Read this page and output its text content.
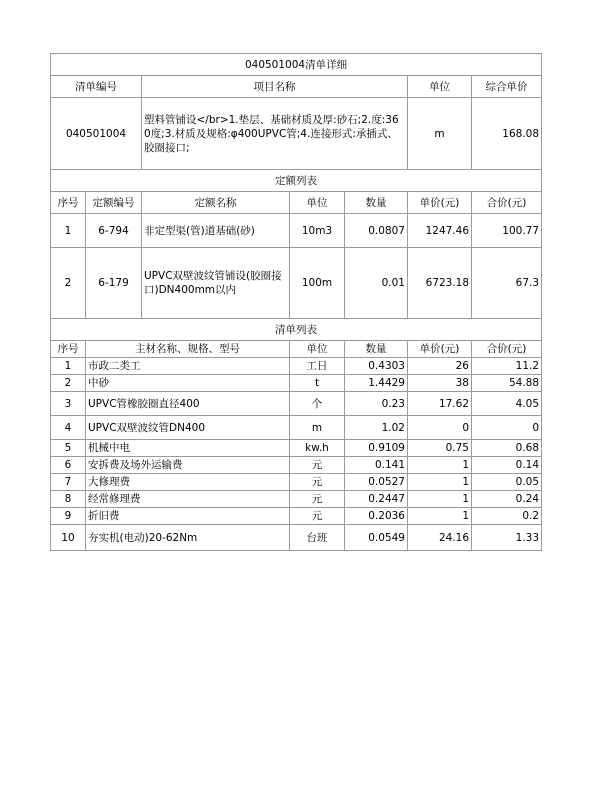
040501004清单详细						
清单编号		项目名称			单位	综合单价
040501004		塑料管铺设</br>1.垫层、基础材质及厚:砂石;2.度:360度;3.材质及规格:φ400UPVC管;4.连接形式:承插式、胶圈接口;			m	168.08
定额列表						
序号	定额编号	定额名称	单位	数量	单价(元)	合价(元)
1	6-794	非定型渠(管)道基础(砂)	10m3	0.0807	1247.46	100.77
2	6-179	UPVC双壁波纹管铺设(胶圈接口)DN400mm以内	100m	0.01	6723.18	67.3
清单列表						
序号	主材名称、规格、型号		单位	数量	单价(元)	合价(元)
1	市政二类工		工日	0.4303	26	11.2
2	中砂		t	1.4429	38	54.88
3	UPVC管橡胶圈直径400		个	0.23	17.62	4.05
4	UPVC双壁波纹管DN400		m	1.02	0	0
5	机械中电		kw.h	0.9109	0.75	0.68
6	安拆费及场外运输费		元	0.141	1	0.14
7	大修理费		元	0.0527	1	0.05
8	经常修理费		元	0.2447	1	0.24
9	折旧费		元	0.2036	1	0.2
10	夯实机(电动)20-62Nm		台班	0.0549	24.16	1.33
